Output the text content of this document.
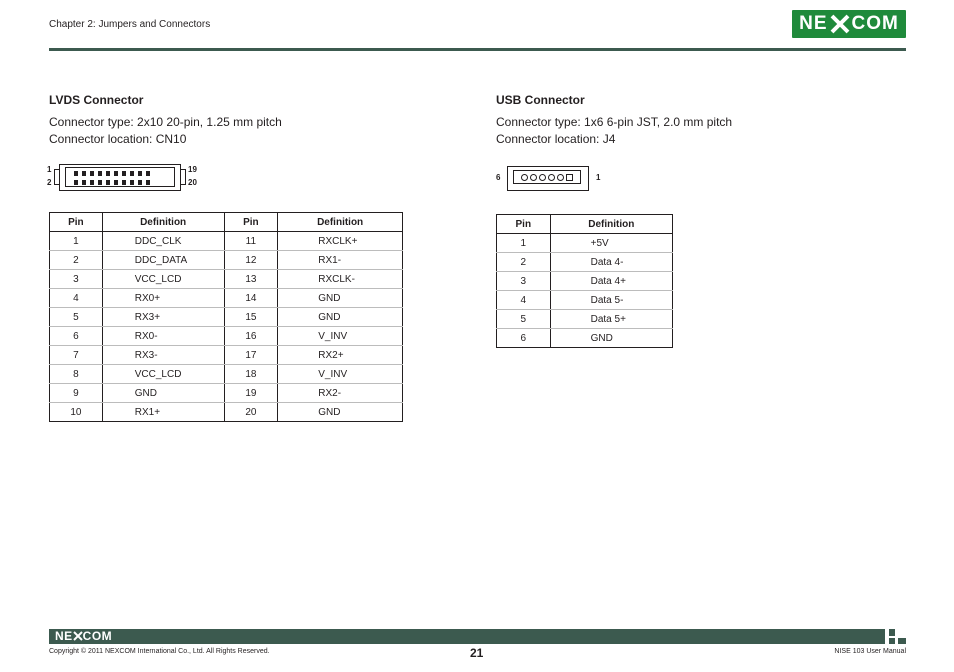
Chapter 2: Jumpers and Connectors	NE COM
LVDS Connector
Connector type: 2x10 20-pin, 1.25 mm pitch
Connector location: CN10
1
2
19
20
Pin	Definition	Pin	Definition
1	DDC_CLK	11	RXCLK+
2	DDC_DATA	12	RX1-
3	VCC_LCD	13	RXCLK-
4	RX0+	14	GND
5	RX3+	15	GND
6	RX0-	16	V_INV
7	RX3-	17	RX2+
8	VCC_LCD	18	V_INV
9	GND	19	RX2-
10	RX1+	20	GND
USB Connector
Connector type: 1x6 6-pin JST, 2.0 mm pitch
Connector location: J4
6	1
Pin	Definition
1	+5V
2	Data 4-
3	Data 4+
4	Data 5-
5	Data 5+
6	GND
NE COM
Copyright © 2011 NEXCOM International Co., Ltd. All Rights Reserved.	21	NISE 103 User Manual
